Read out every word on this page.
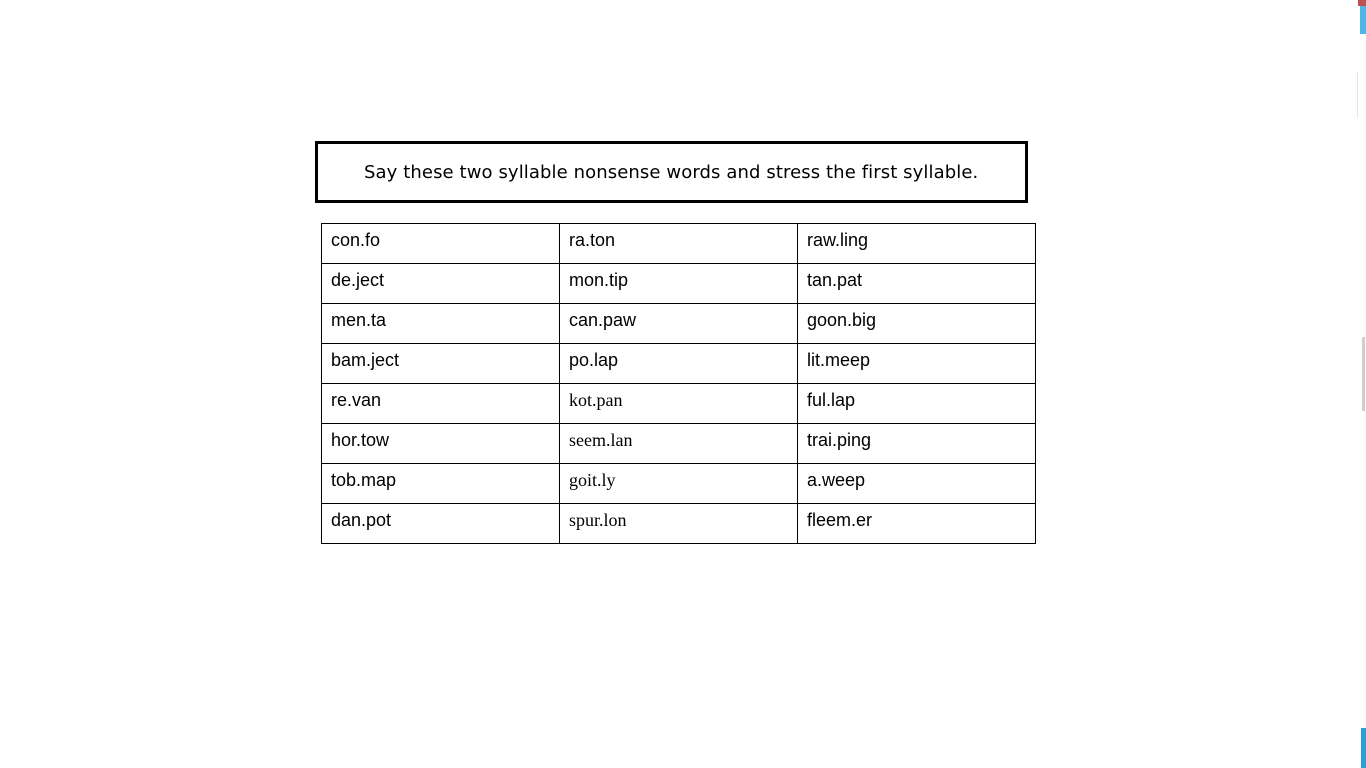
Say these two syllable nonsense words and stress the first syllable.
con.fo	ra.ton	raw.ling
de.ject	mon.tip	tan.pat
men.ta	can.paw	goon.big
bam.ject	po.lap	lit.meep
re.van	kot.pan	ful.lap
hor.tow	seem.lan	trai.ping
tob.map	goit.ly	a.weep
dan.pot	spur.lon	fleem.er
